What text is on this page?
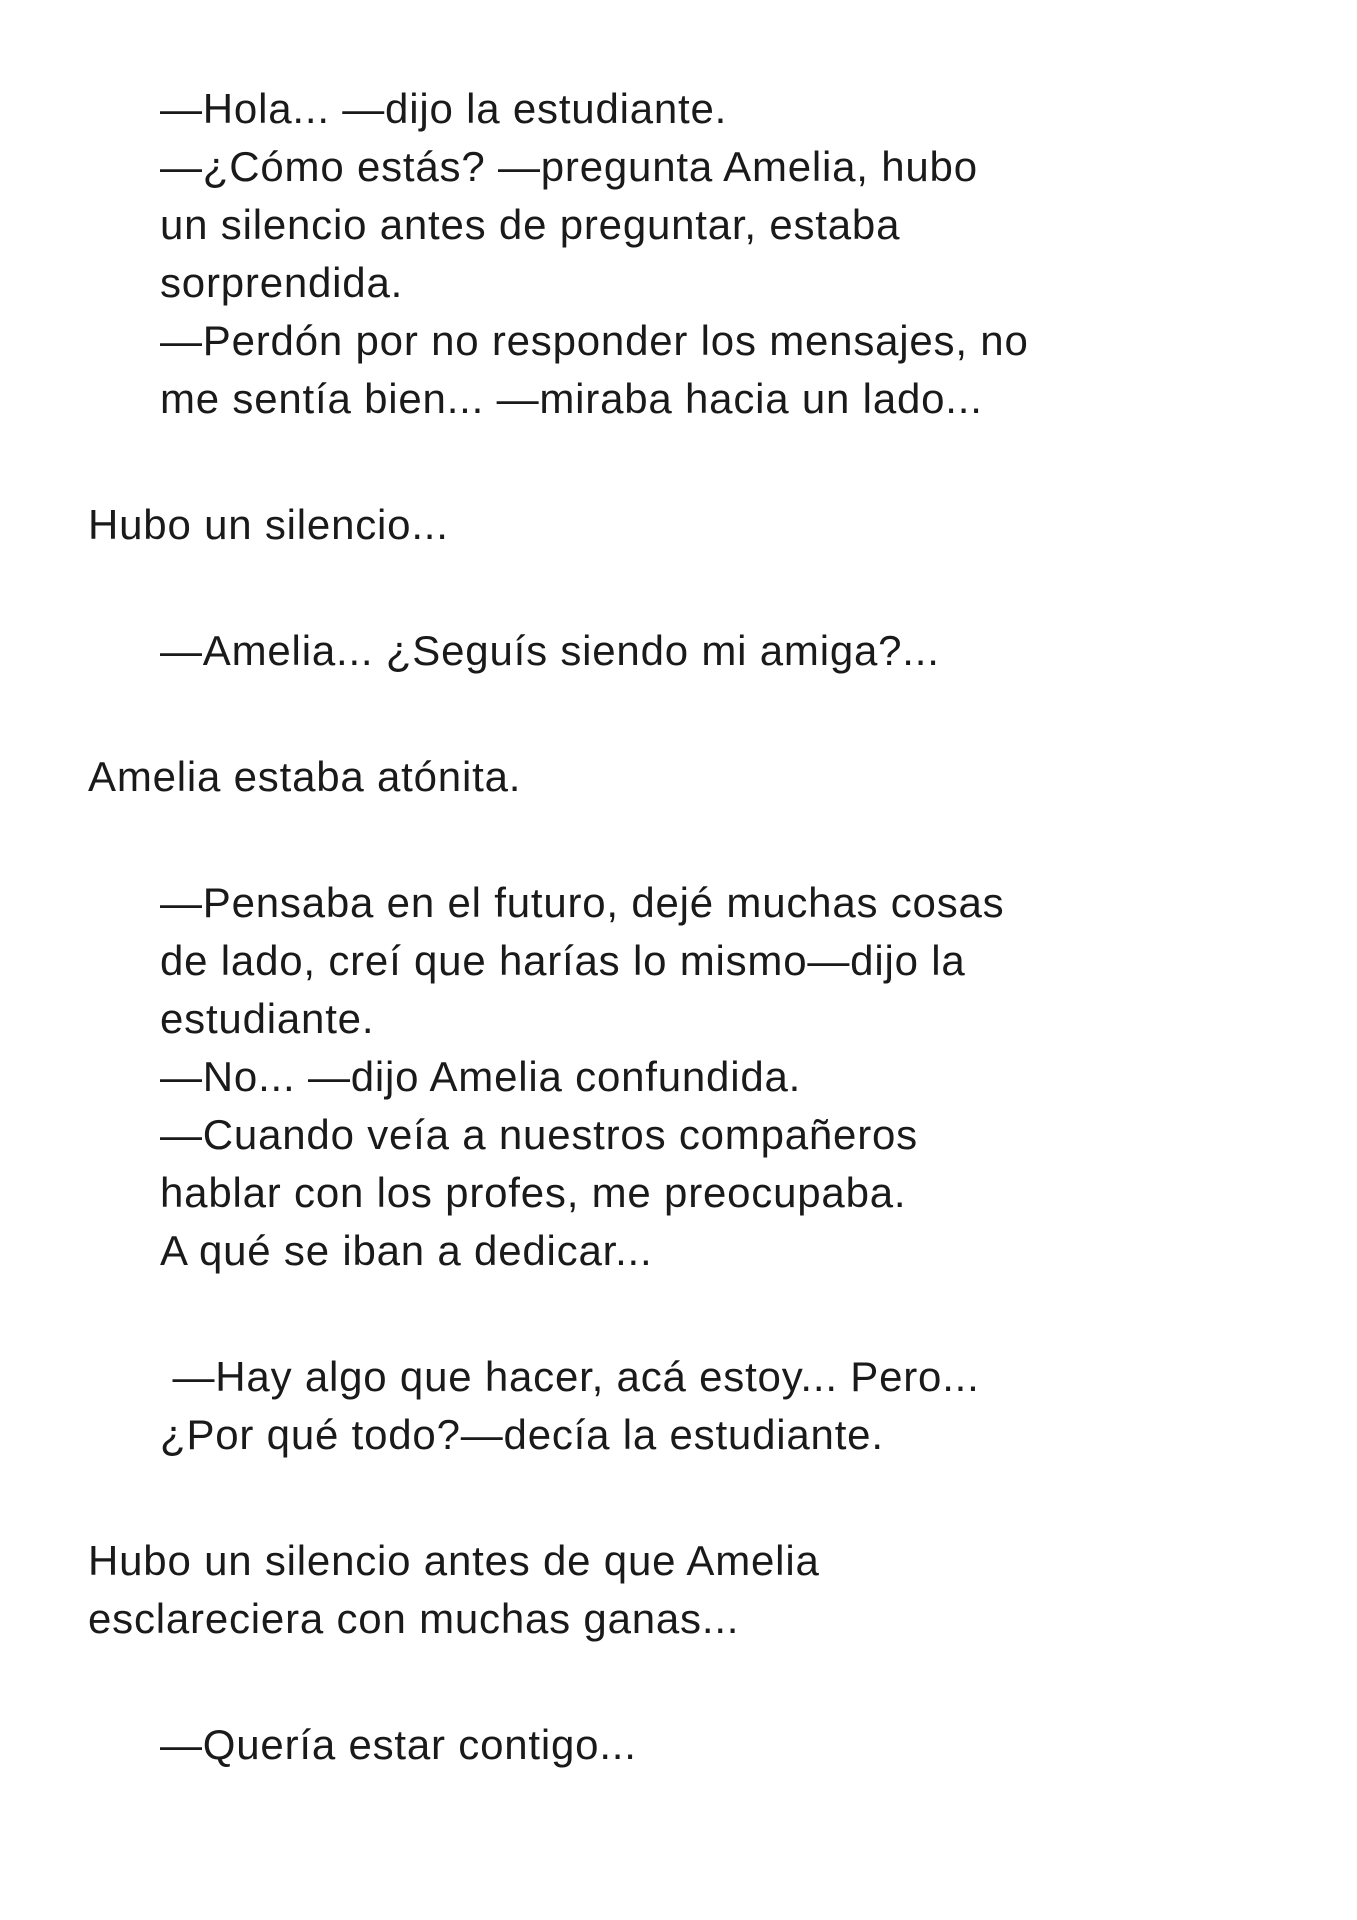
—Hola... —dijo la estudiante.
—¿Cómo estás? —pregunta Amelia, hubo
un silencio antes de preguntar, estaba
sorprendida.
—Perdón por no responder los mensajes, no
me sentía bien... —miraba hacia un lado...
Hubo un silencio...
—Amelia... ¿Seguís siendo mi amiga?...
Amelia estaba atónita.
—Pensaba en el futuro, dejé muchas cosas
de lado, creí que harías lo mismo—dijo la
estudiante.
—No... —dijo Amelia confundida.
—Cuando veía a nuestros compañeros
hablar con los profes, me preocupaba.
A qué se iban a dedicar...
—Hay algo que hacer, acá estoy... Pero...
¿Por qué todo?—decía la estudiante.
Hubo un silencio antes de que Amelia
esclareciera con muchas ganas...
—Quería estar contigo...
